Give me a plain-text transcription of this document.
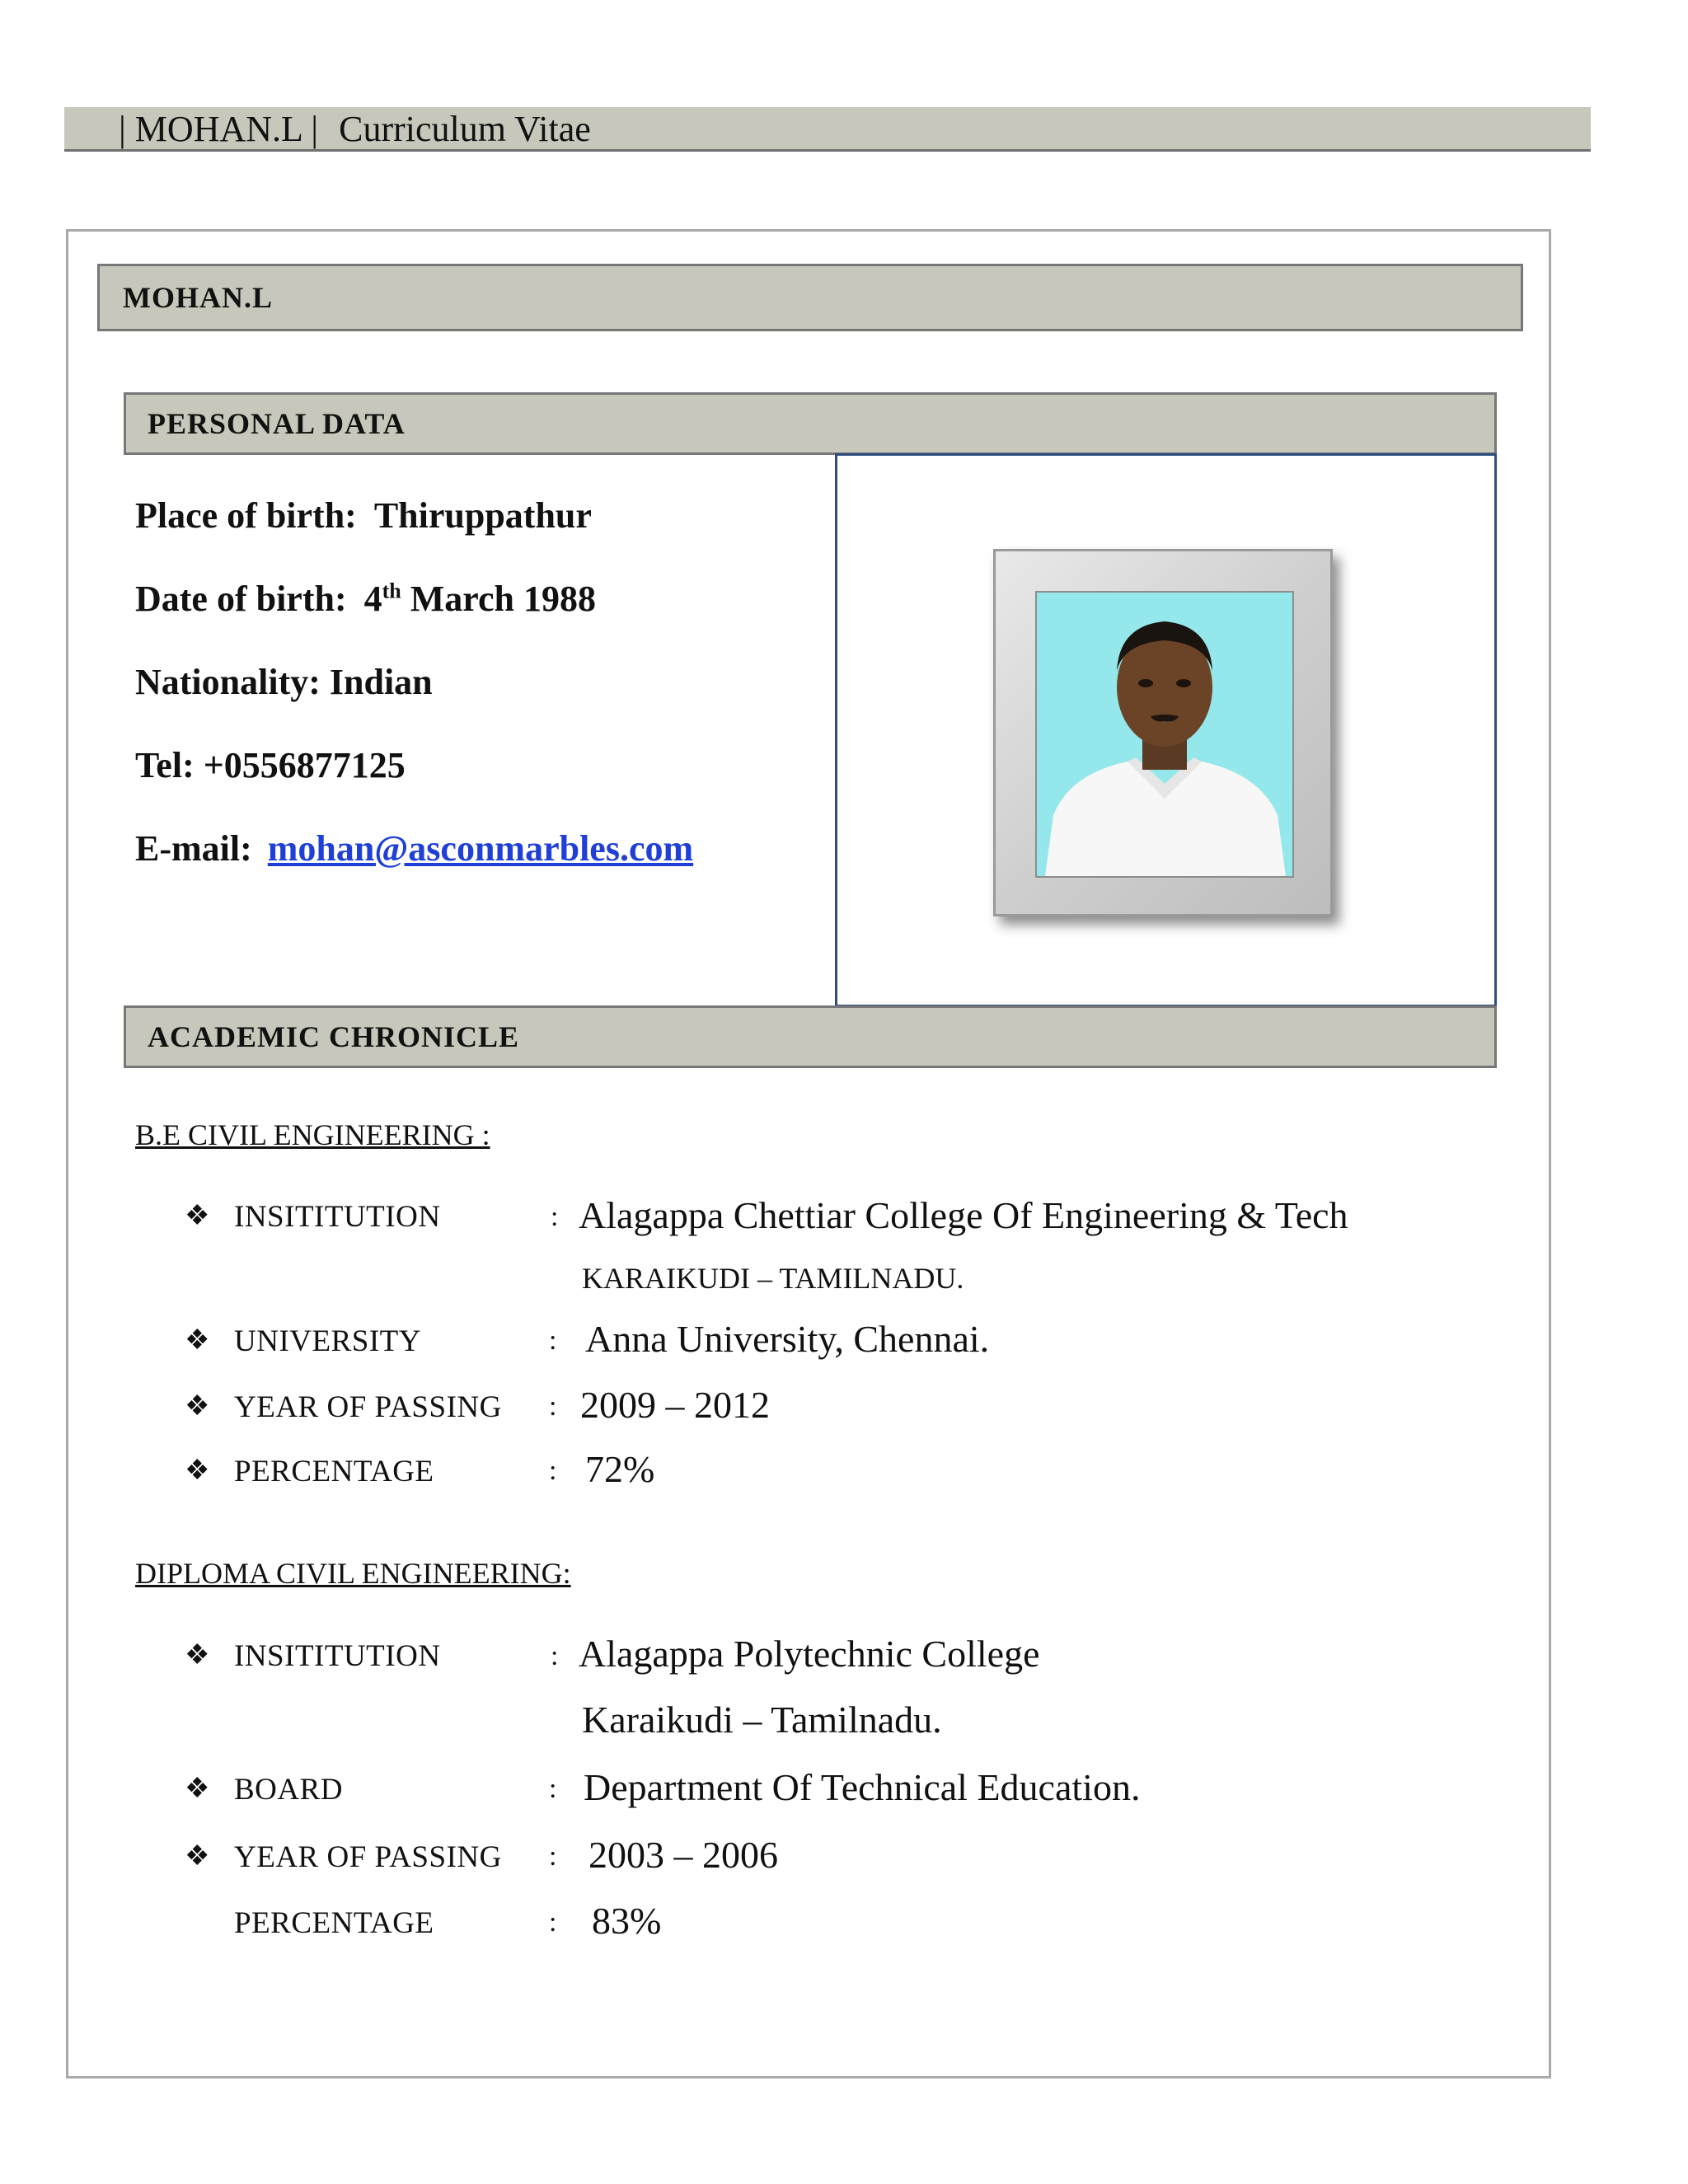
| MOHAN.L | Curriculum Vitae
MOHAN.L
PERSONAL DATA
Place of birth: Thiruppathur
Date of birth: 4th March 1988
Nationality: Indian
Tel: +0556877125
E-mail: mohan@asconmarbles.com
ACADEMIC CHRONICLE
B.E CIVIL ENGINEERING :
❖ INSITITUTION	: Alagappa Chettiar College Of Engineering & Tech
KARAIKUDI – TAMILNADU.
❖ UNIVERSITY	: Anna University, Chennai.
❖ YEAR OF PASSING : 2009 – 2012
❖ PERCENTAGE	: 72%
DIPLOMA CIVIL ENGINEERING:
❖ INSITITUTION	: Alagappa Polytechnic College
Karaikudi – Tamilnadu.
❖ BOARD	: Department Of Technical Education.
❖ YEAR OF PASSING : 2003 – 2006
PERCENTAGE	: 83%
